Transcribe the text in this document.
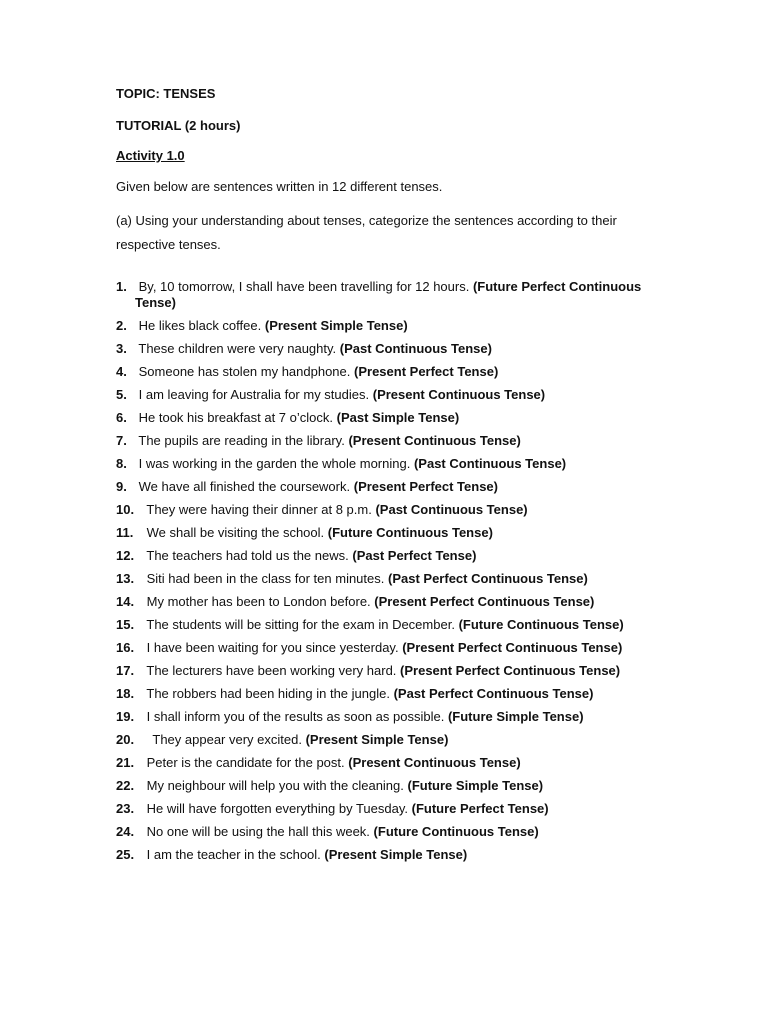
TOPIC: TENSES
TUTORIAL (2 hours)
Activity 1.0
Given below are sentences written in 12 different tenses.
(a) Using your understanding about tenses, categorize the sentences according to their respective tenses.
1. By, 10 tomorrow, I shall have been travelling for 12 hours. (Future Perfect Continuous Tense)
2. He likes black coffee. (Present Simple Tense)
3. These children were very naughty. (Past Continuous Tense)
4. Someone has stolen my handphone. (Present Perfect Tense)
5. I am leaving for Australia for my studies. (Present Continuous Tense)
6. He took his breakfast at 7 o’clock. (Past Simple Tense)
7. The pupils are reading in the library. (Present Continuous Tense)
8. I was working in the garden the whole morning. (Past Continuous Tense)
9. We have all finished the coursework. (Present Perfect Tense)
10. They were having their dinner at 8 p.m. (Past Continuous Tense)
11. We shall be visiting the school. (Future Continuous Tense)
12. The teachers had told us the news. (Past Perfect Tense)
13. Siti had been in the class for ten minutes. (Past Perfect Continuous Tense)
14. My mother has been to London before. (Present Perfect Continuous Tense)
15. The students will be sitting for the exam in December. (Future Continuous Tense)
16. I have been waiting for you since yesterday. (Present Perfect Continuous Tense)
17. The lecturers have been working very hard. (Present Perfect Continuous Tense)
18. The robbers had been hiding in the jungle. (Past Perfect Continuous Tense)
19. I shall inform you of the results as soon as possible. (Future Simple Tense)
20. They appear very excited. (Present Simple Tense)
21. Peter is the candidate for the post. (Present Continuous Tense)
22. My neighbour will help you with the cleaning. (Future Simple Tense)
23. He will have forgotten everything by Tuesday. (Future Perfect Tense)
24. No one will be using the hall this week. (Future Continuous Tense)
25. I am the teacher in the school. (Present Simple Tense)
